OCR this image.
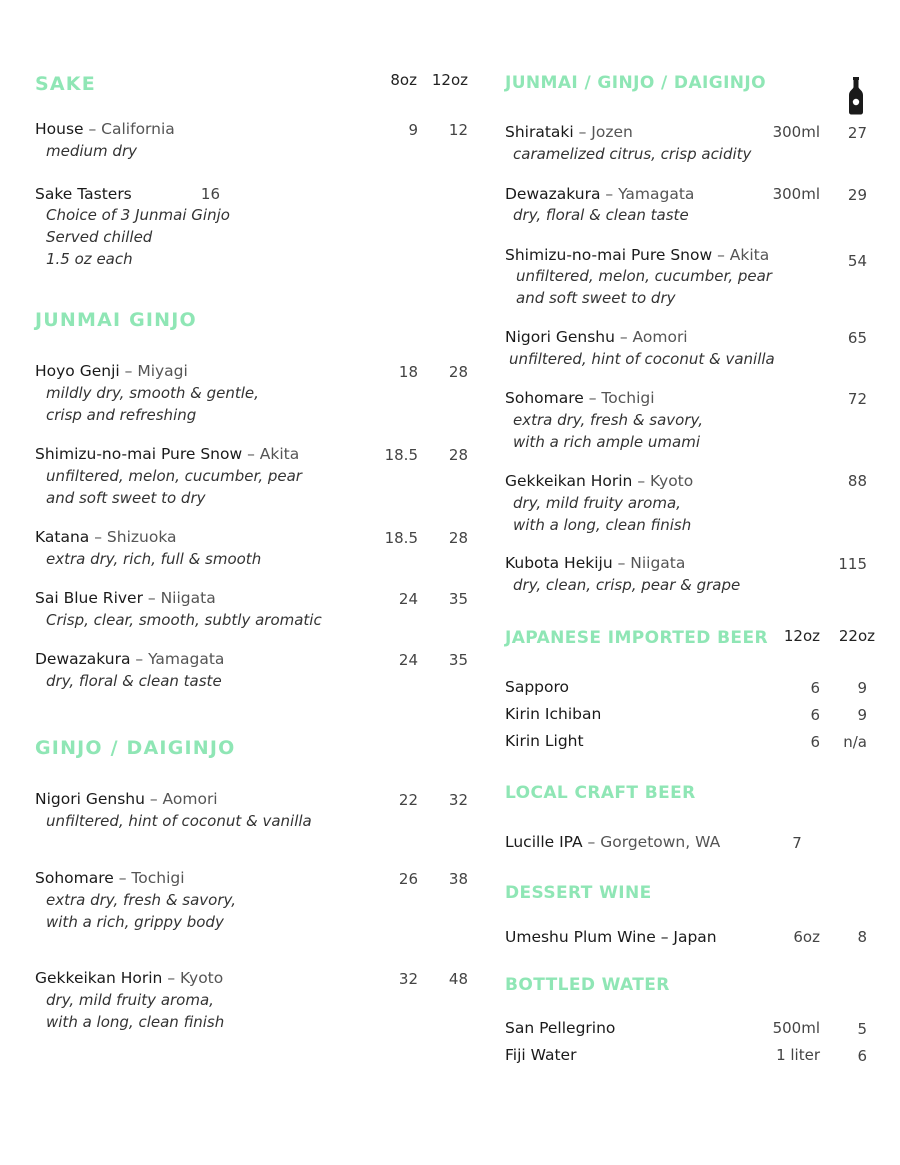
SAKE	8oz 12oz
House – California	9	12
medium dry
Sake Tasters	16
Choice of 3 Junmai Ginjo
Served chilled
1.5 oz each
JUNMAI GINJO
Hoyo Genji – Miyagi	18	28
mildly dry, smooth & gentle,
crisp and refreshing
Shimizu-no-mai Pure Snow – Akita	18.5	28
unfiltered, melon, cucumber, pear
and soft sweet to dry
Katana – Shizuoka	18.5	28
extra dry, rich, full & smooth
Sai Blue River – Niigata	24	35
Crisp, clear, smooth, subtly aromatic
Dewazakura – Yamagata	24	35
dry, floral & clean taste
GINJO / DAIGINJO
Nigori Genshu – Aomori	22	32
unfiltered, hint of coconut & vanilla
Sohomare – Tochigi	26	38
extra dry, fresh & savory,
with a rich, grippy body
Gekkeikan Horin – Kyoto	32	48
dry, mild fruity aroma,
with a long, clean finish
JUNMAI / GINJO / DAIGINJO
Shirataki – Jozen	300ml	27
caramelized citrus, crisp acidity
Dewazakura – Yamagata	300ml	29
dry, floral & clean taste
Shimizu-no-mai Pure Snow – Akita	54
unfiltered, melon, cucumber, pear
and soft sweet to dry
Nigori Genshu – Aomori	65
unfiltered, hint of coconut & vanilla
Sohomare – Tochigi	72
extra dry, fresh & savory,
with a rich ample umami
Gekkeikan Horin – Kyoto	88
dry, mild fruity aroma,
with a long, clean finish
Kubota Hekiju – Niigata	115
dry, clean, crisp, pear & grape
JAPANESE IMPORTED BEER	12oz	22oz
Sapporo	6	9
Kirin Ichiban	6	9
Kirin Light	6	n/a
LOCAL CRAFT BEER
Lucille IPA – Gorgetown, WA	7
DESSERT WINE
Umeshu Plum Wine – Japan	6oz	8
BOTTLED WATER
San Pellegrino	500ml	5
Fiji Water	1 liter	6
